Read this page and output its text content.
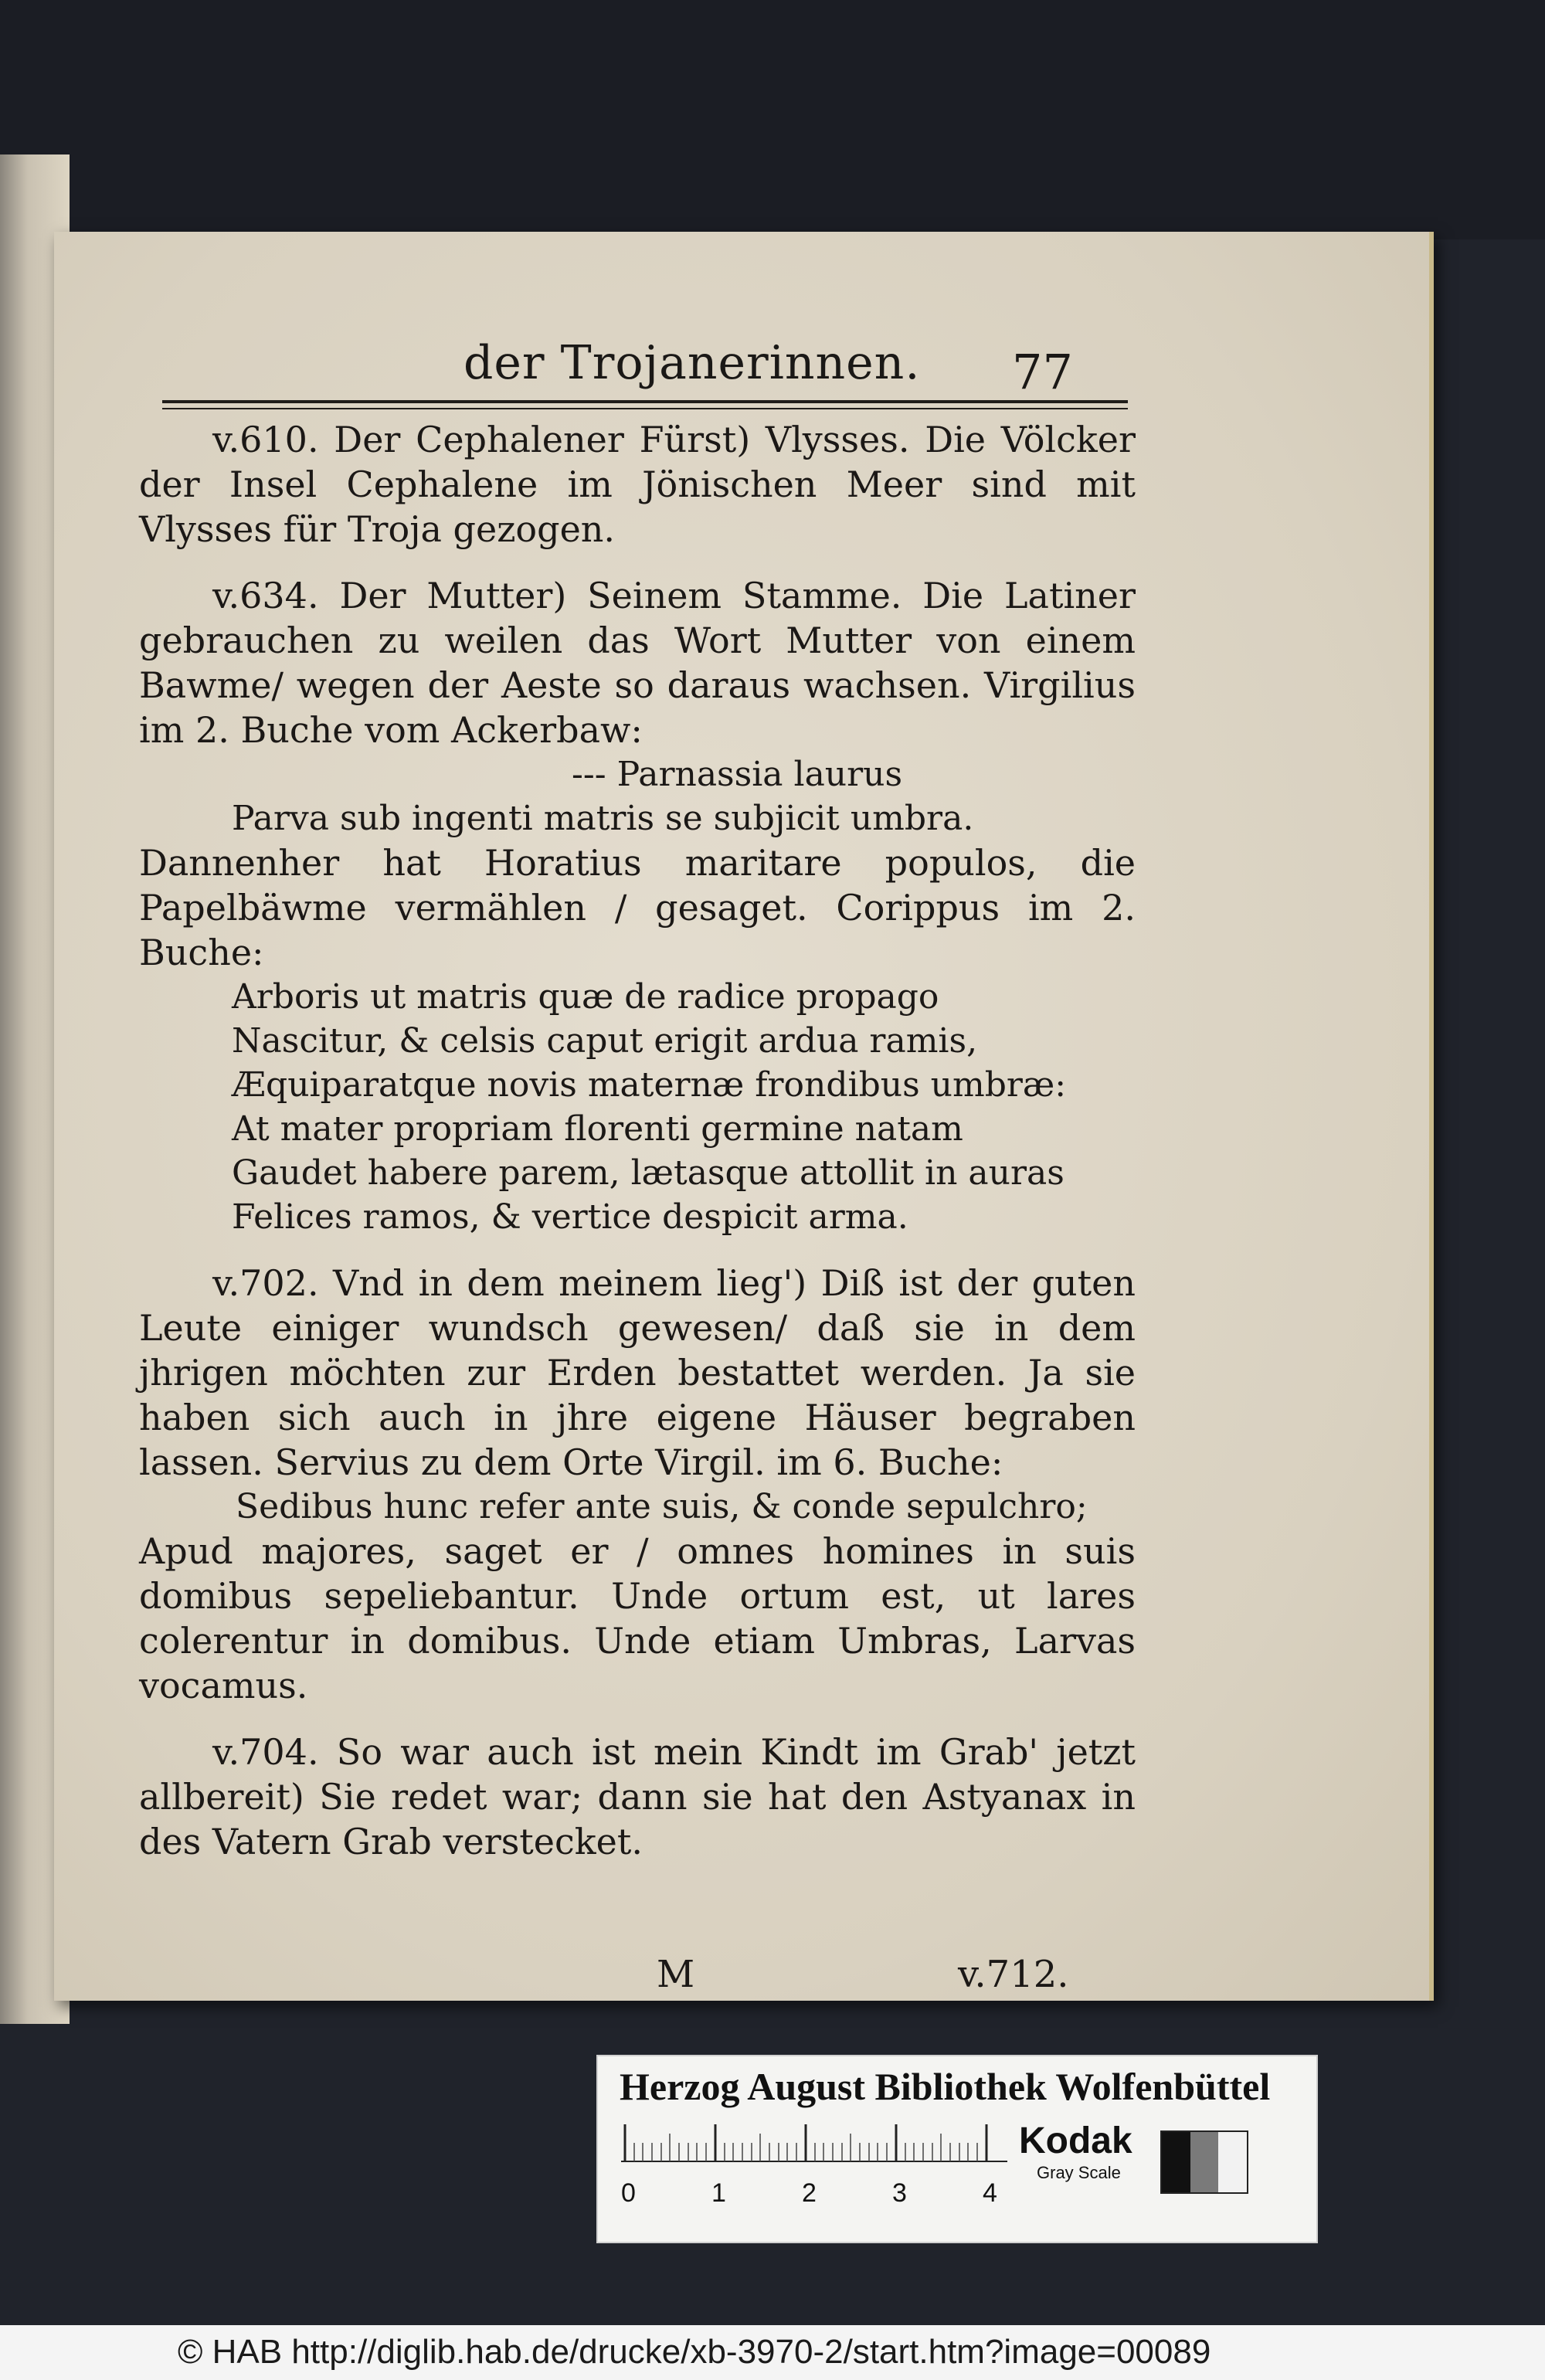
der Trojanerinnen. 77

v.610. Der Cephalener Fürst) Vlysses. Die Völcker der Insel Cephalene im Jönischen Meer sind mit Vlysses für Troja gezogen.

v.634. Der Mutter) Seinem Stamme. Die Latiner gebrauchen zu weilen das Wort Mutter von einem Bawme/ wegen der Aeste so daraus wachsen. Virgilius im 2. Buche vom Ackerbaw:

--- Parnassia laurus
Parva sub ingenti matris se subjicit umbra.

Dannenher hat Horatius maritare populos, die Papelbäwme vermählen / gesaget. Corippus im 2. Buche:

Arboris ut matris quæ de radice propago
Nascitur, & celsis caput erigit ardua ramis,
Æquiparatque novis maternæ frondibus umbræ:
At mater propriam florenti germine natam
Gaudet habere parem, lætasque attollit in auras
Felices ramos, & vertice despicit arma.

v.702. Vnd in dem meinem lieg') Diß ist der guten Leute einiger wundsch gewesen/ daß sie in dem jhrigen möchten zur Erden bestattet werden. Ja sie haben sich auch in jhre eigene Häuser begraben lassen. Servius zu dem Orte Virgil. im 6. Buche:

Sedibus hunc refer ante suis, & conde sepulchro;

Apud majores, saget er / omnes homines in suis domibus sepeliebantur. Unde ortum est, ut lares colerentur in domibus. Unde etiam Umbras, Larvas vocamus.

v.704. So war auch ist mein Kindt im Grab' jetzt allbereit) Sie redet war; dann sie hat den Astyanax in des Vatern Grab verstecket.

M	v.712.
Herzog August Bibliothek Wolfenbüttel
0	1	2	3	4
Kodak
Gray Scale
© HAB http://diglib.hab.de/drucke/xb-3970-2/start.htm?image=00089
